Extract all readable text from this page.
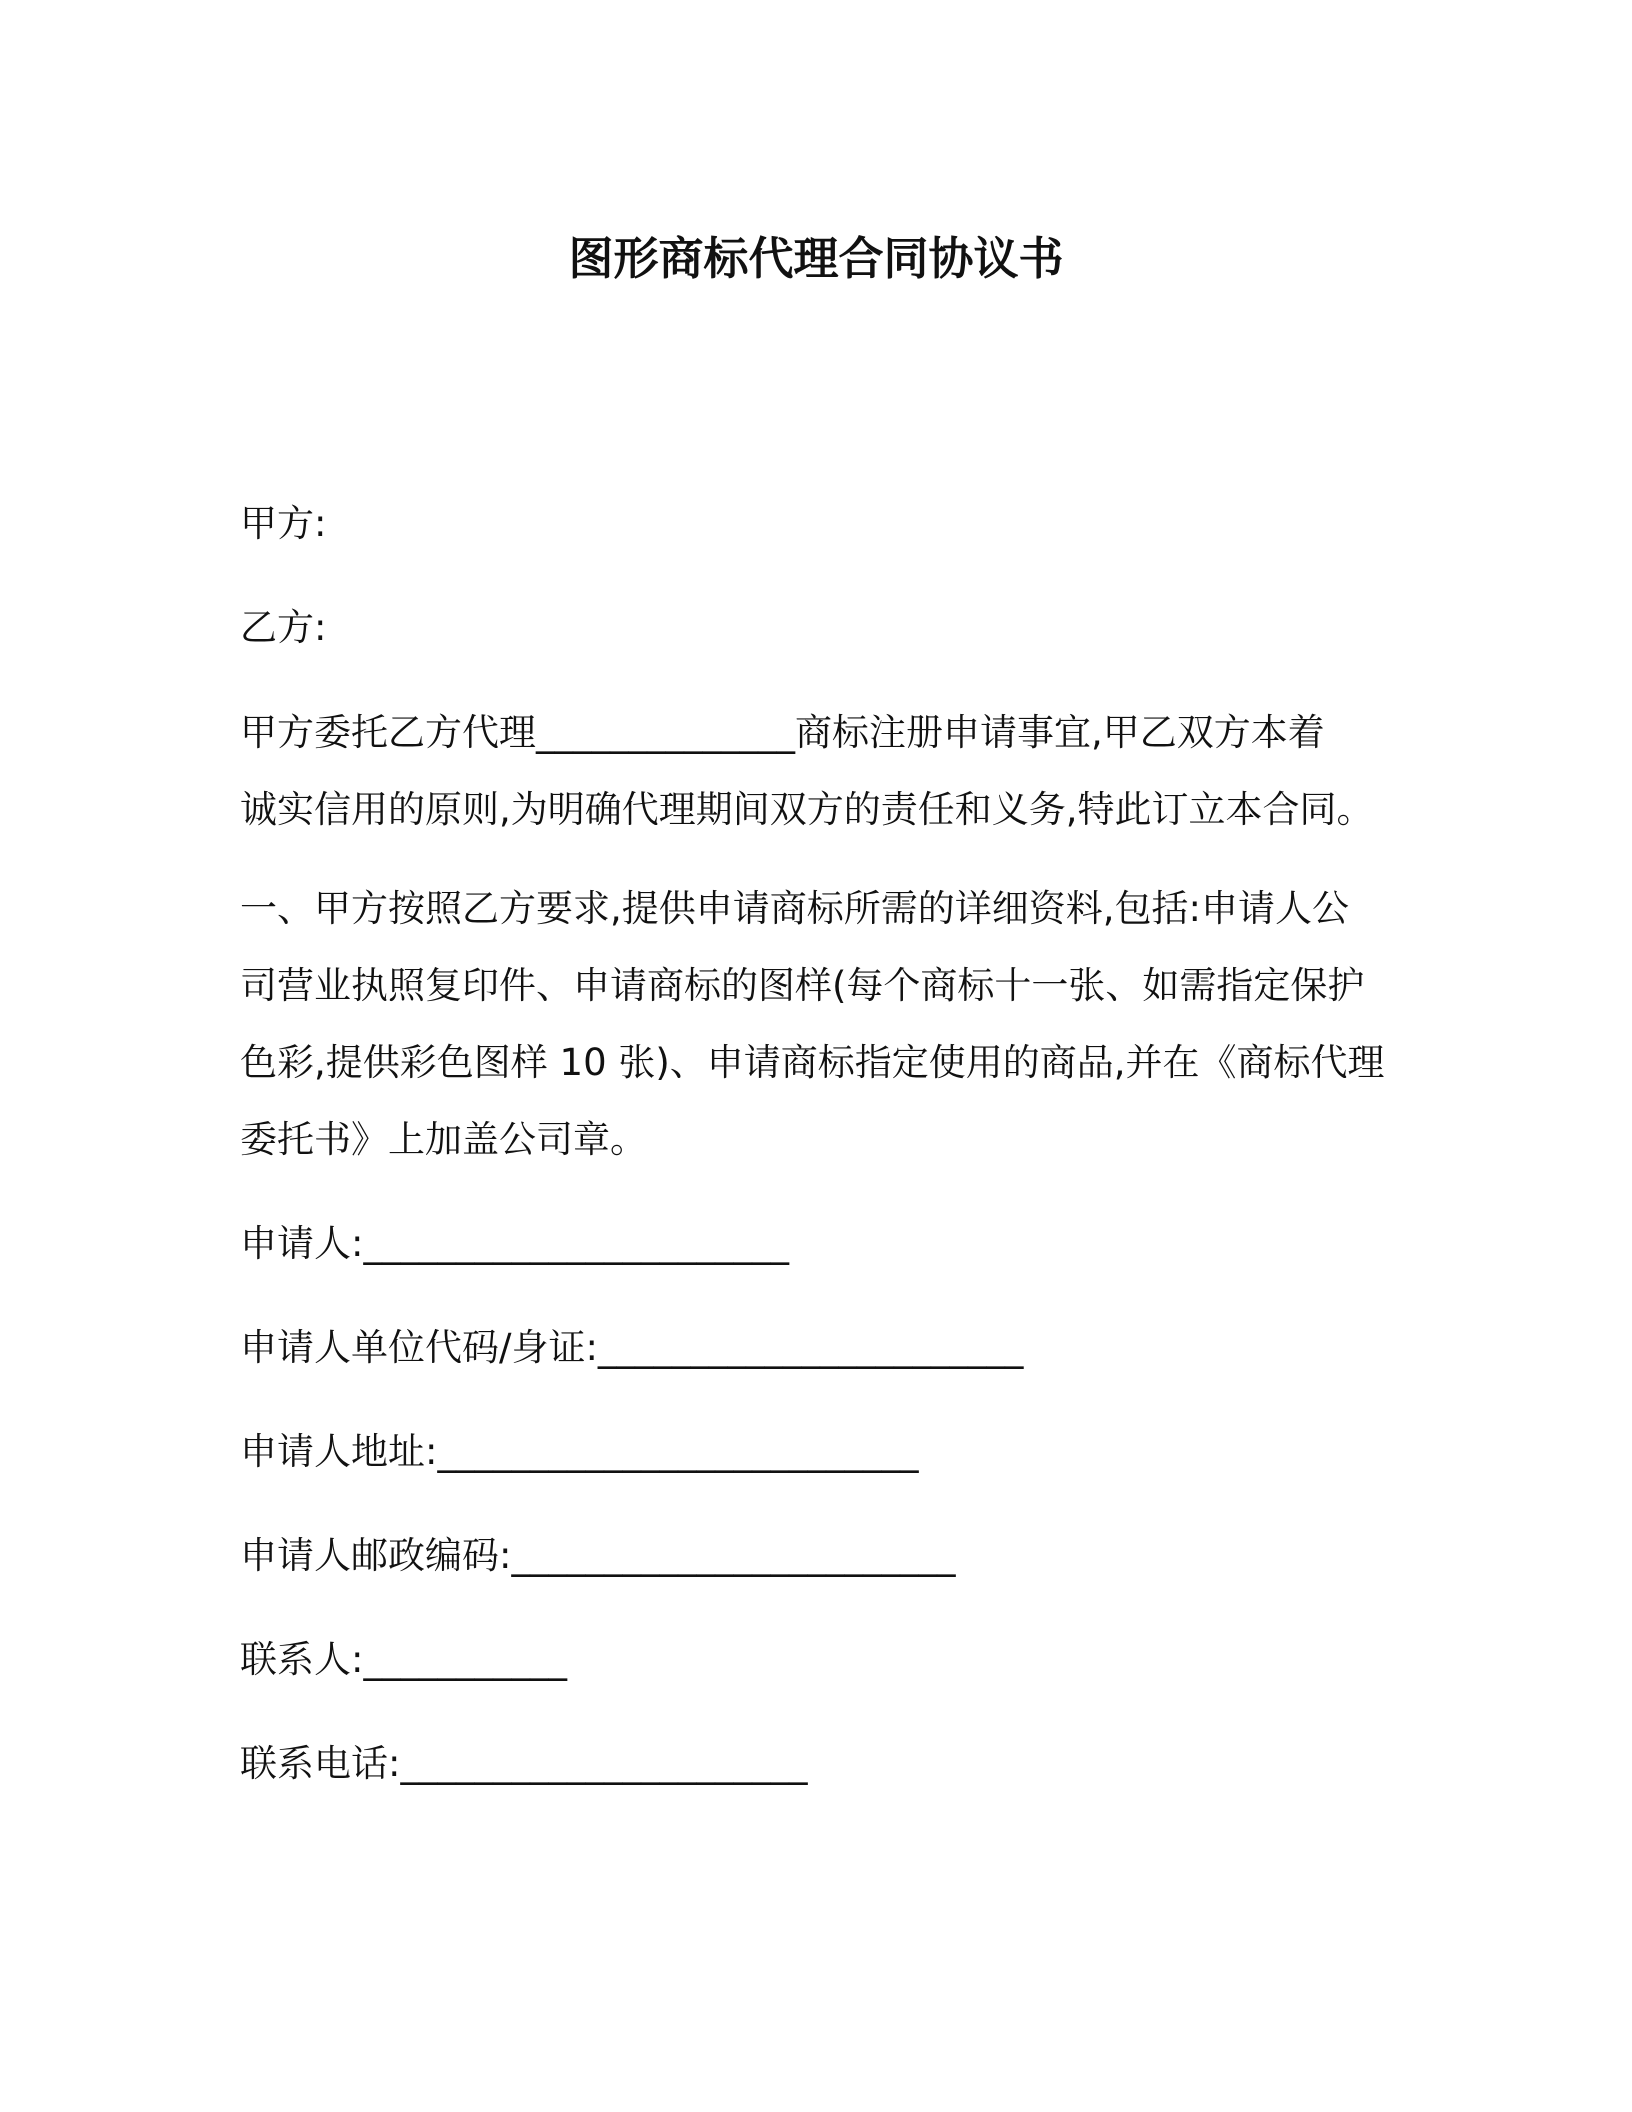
图形商标代理合同协议书
甲方:
乙方:
甲方委托乙方代理______________商标注册申请事宜,甲乙双方本着
诚实信用的原则,为明确代理期间双方的责任和义务,特此订立本合同。
一、甲方按照乙方要求,提供申请商标所需的详细资料,包括:申请人公
司营业执照复印件、申请商标的图样(每个商标十一张、如需指定保护
色彩,提供彩色图样 10 张)、申请商标指定使用的商品,并在《商标代理
委托书》上加盖公司章。
申请人:_______________________
申请人单位代码/身证:_______________________
申请人地址:__________________________
申请人邮政编码:________________________
联系人:___________
联系电话:______________________
